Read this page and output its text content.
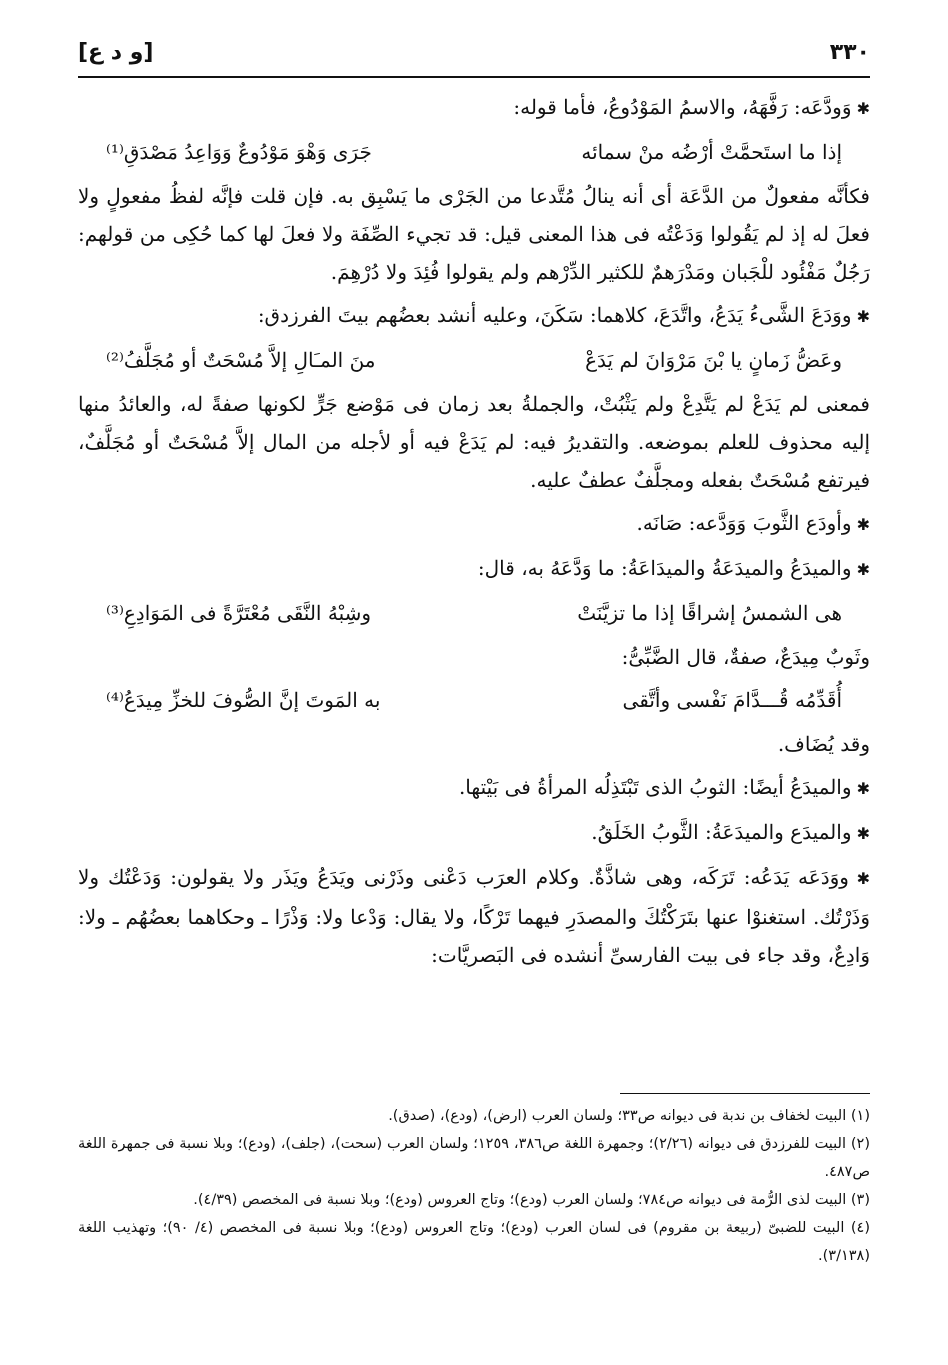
٣٣٠
[و د ع]

✱ وَودَّعَه: رَفَّهَهُ، والاسمُ المَوْدُوعُ، فأما قوله:

إذا ما استَحمَّتْ أرْضُه منْ سمائه
جَرَى وَهْوَ مَوْدُوعٌ وَوَاعِدُ مَصْدَقِ⁽¹⁾

فكأنَّه مفعولٌ من الدَّعَة أى أنه ينالُ مُتَّدعا من الجَرْى ما يَسْبِق به. فإن قلت فإنَّه لفظُ مفعولٍ ولا فعلَ له إذ لم يَقُولوا وَدَعْتُه فى هذا المعنى قيل: قد تجيء الصِّفَة ولا فعلَ لها كما حُكِى من قولهم: رَجُلٌ مَفْئُود للْجَبان ومَدْرَهمٌ للكثير الدِّرْهم ولم يقولوا فُئِدَ ولا دُرْهِمَ.

✱ ووَدَعَ الشَّىءُ يَدَعُ، واتَّدَعَ، كلاهما: سَكَنَ، وعليه أنشد بعضُهم بيتَ الفرزدق:

وعَضُّ زَمانٍ يا بْنَ مَرْوَانَ لم يَدَعْ
منَ المـَالِ إلاَّ مُسْحَتٌ أو مُجَلَّفُ⁽²⁾

فمعنى لم يَدَعْ لم يَتَّدِعْ ولم يَثْبُتْ، والجملةُ بعد زمان فى مَوْضع جَرٍّ لكونها صفةً له، والعائدُ منها إليه محذوف للعلم بموضعه. والتقديرُ فيه: لم يَدَعْ فيه أو لأجله من المال إلاَّ مُسْحَتٌ أو مُجَلَّفٌ، فيرتفع مُسْحَتٌ بفعله ومجلَّفٌ عطفٌ عليه.

✱ وأودَع الثَّوبَ وَوَدَّعه: صَانَه.

✱ والميدَعُ والميدَعَةُ والميدَاعَةُ: ما وَدَّعَهُ به، قال:

هى الشمسُ إشراقًا إذا ما تزيَّنَتْ
وشِبْهُ النَّقَى مُعْتَرَّةً فى المَوَادِعِ⁽³⁾

وثَوبٌ مِيدَعٌ، صفةٌ، قال الضَّبِّىُّ:

أُقَدِّمُه قُـــدَّامَ نَفْسى وأتَّقى
به المَوتَ إنَّ الصُّوفَ للخزِّ مِيدَعُ⁽⁴⁾

وقد يُضَاف.

✱ والميدَعُ أيضًا: الثوبُ الذى تَبْتَذِلُه المرأةُ فى بَيْتها.

✱ والميدَع والميدَعَةُ: الثَّوبُ الخَلَقُ.

✱ ووَدَعَه يَدَعُه: تَرَكَه، وهى شاذَّةٌ. وكلام العرَب دَعْنى وذَرْنى ويَدَعُ ويَذَر ولا يقولون: وَدَعْتُك ولا وَذَرْتُك. استغنوْا عنها بتَرَكْتُكَ والمصدَرِ فيهما تَرْكًا، ولا يقال: وَدْعا ولا: وَذْرًا ـ وحكاهما بعضُهُم ـ ولا: وَادِعٌ، وقد جاء فى بيت الفارسىِّ أنشده فى البَصريَّات:

(١) البيت لخفاف بن ندبة فى ديوانه ص٣٣؛ ولسان العرب (ارض)، (ودع)، (صدق).

(٢) البيت للفرزدق فى ديوانه (٢/٢٦)؛ وجمهرة اللغة ص٣٨٦، ١٢٥٩؛ ولسان العرب (سحت)، (جلف)، (ودع)؛ وبلا نسبة فى جمهرة اللغة ص٤٨٧.

(٣) البيت لذى الرُّمة فى ديوانه ص٧٨٤؛ ولسان العرب (ودع)؛ وتاج العروس (ودع)؛ وبلا نسبة فى المخصص (٤/٣٩).

(٤) البيت للضبىّ (ربيعة بن مقروم) فى لسان العرب (ودع)؛ وتاج العروس (ودع)؛ وبلا نسبة فى المخصص (٤/ ٩٠)؛ وتهذيب اللغة (٣/١٣٨).
